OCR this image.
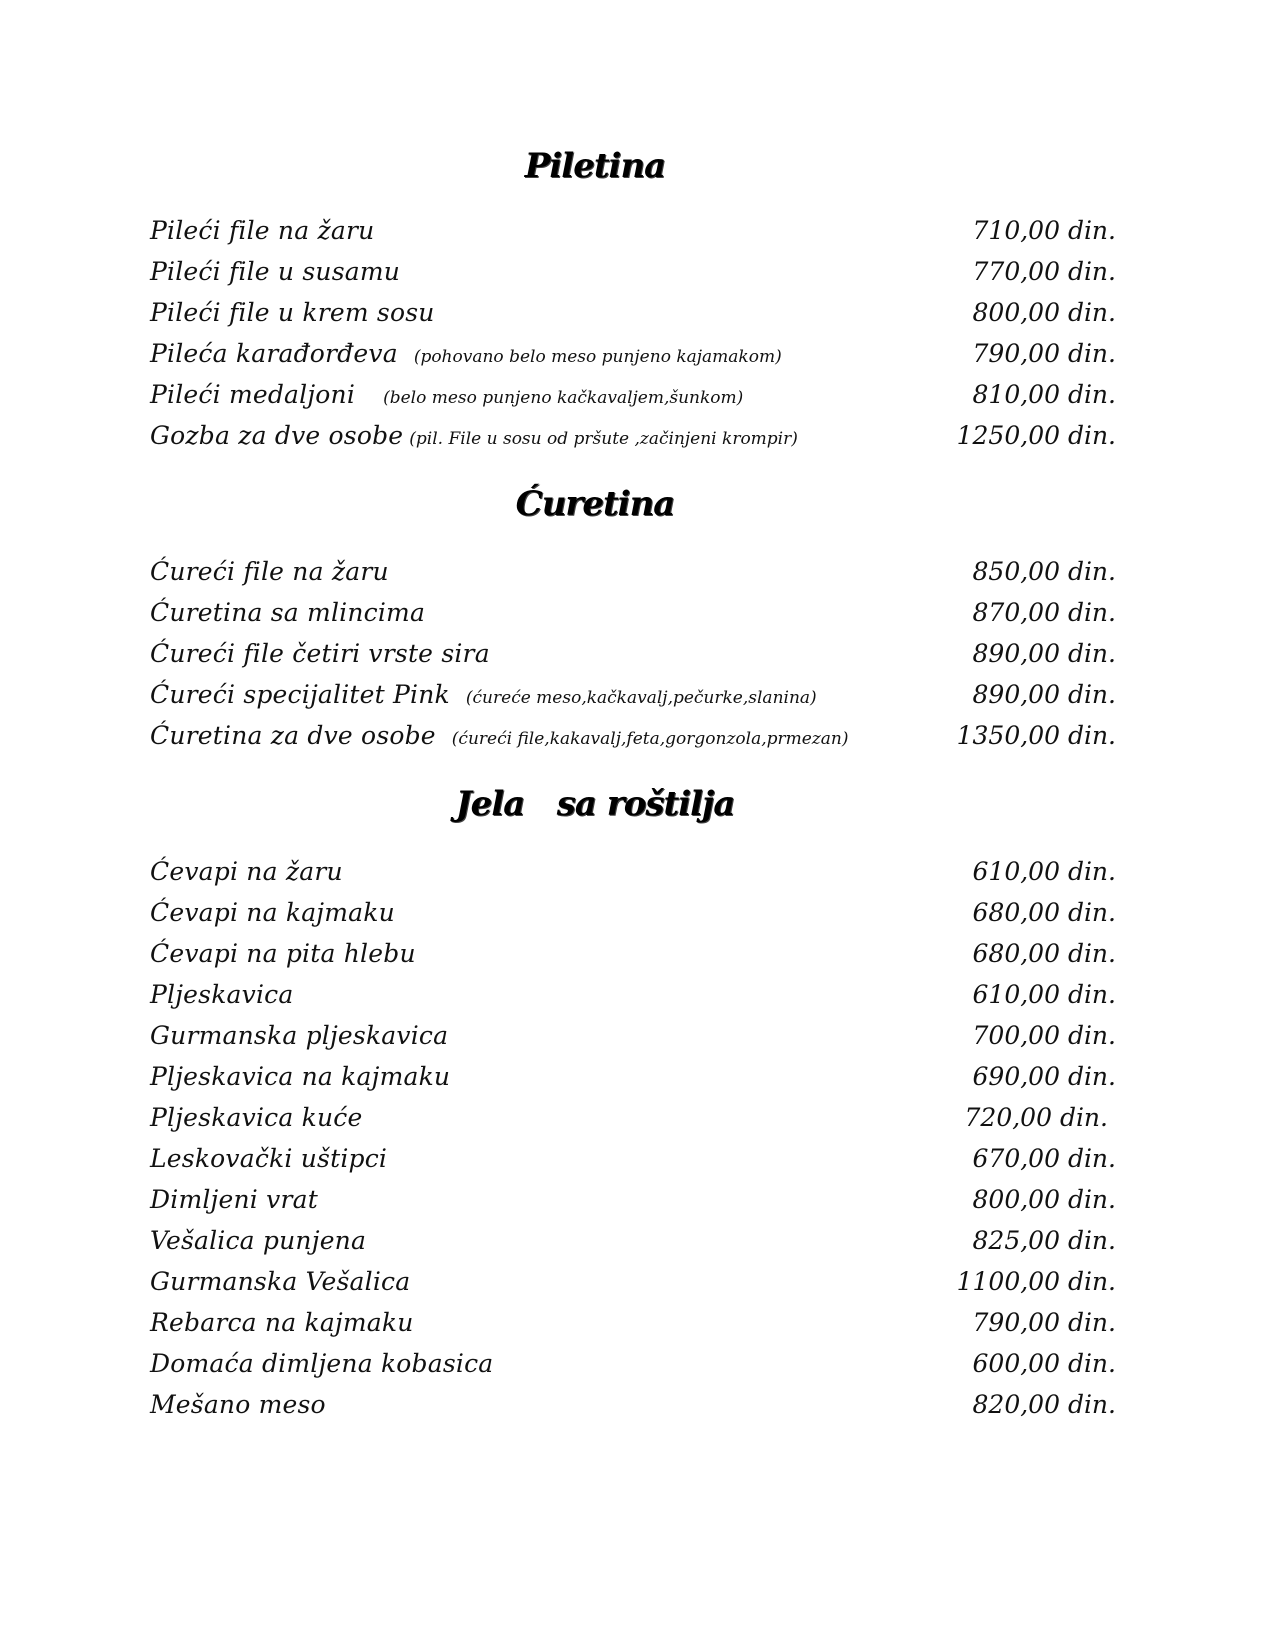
Piletina
Pileći file na žaru	710,00 din.
Pileći file u susamu	770,00 din.
Pileći file u krem sosu	800,00 din.
Pileća karađorđeva (pohovano belo meso punjeno kajamakom)	790,00 din.
Pileći medaljoni (belo meso punjeno kačkavaljem,šunkom)	810,00 din.
Gozba za dve osobe (pil. File u sosu od pršute ,začinjeni krompir)	1250,00 din.
Ćuretina
Ćureći file na žaru	850,00 din.
Ćuretina sa mlincima	870,00 din.
Ćureći file četiri vrste sira	890,00 din.
Ćureći specijalitet Pink (ćureće meso,kačkavalj,pečurke,slanina)	890,00 din.
Ćuretina za dve osobe (ćureći file,kakavalj,feta,gorgonzola,prmezan)	1350,00 din.
Jela   sa roštilja
Ćevapi na žaru	610,00 din.
Ćevapi na kajmaku	680,00 din.
Ćevapi na pita hlebu	680,00 din.
Pljeskavica	610,00 din.
Gurmanska pljeskavica	700,00 din.
Pljeskavica na kajmaku	690,00 din.
Pljeskavica kuće	720,00 din.
Leskovački uštipci	670,00 din.
Dimljeni vrat	800,00 din.
Vešalica punjena	825,00 din.
Gurmanska Vešalica	1100,00 din.
Rebarca na kajmaku	790,00 din.
Domaća dimljena kobasica	600,00 din.
Mešano meso	820,00 din.
